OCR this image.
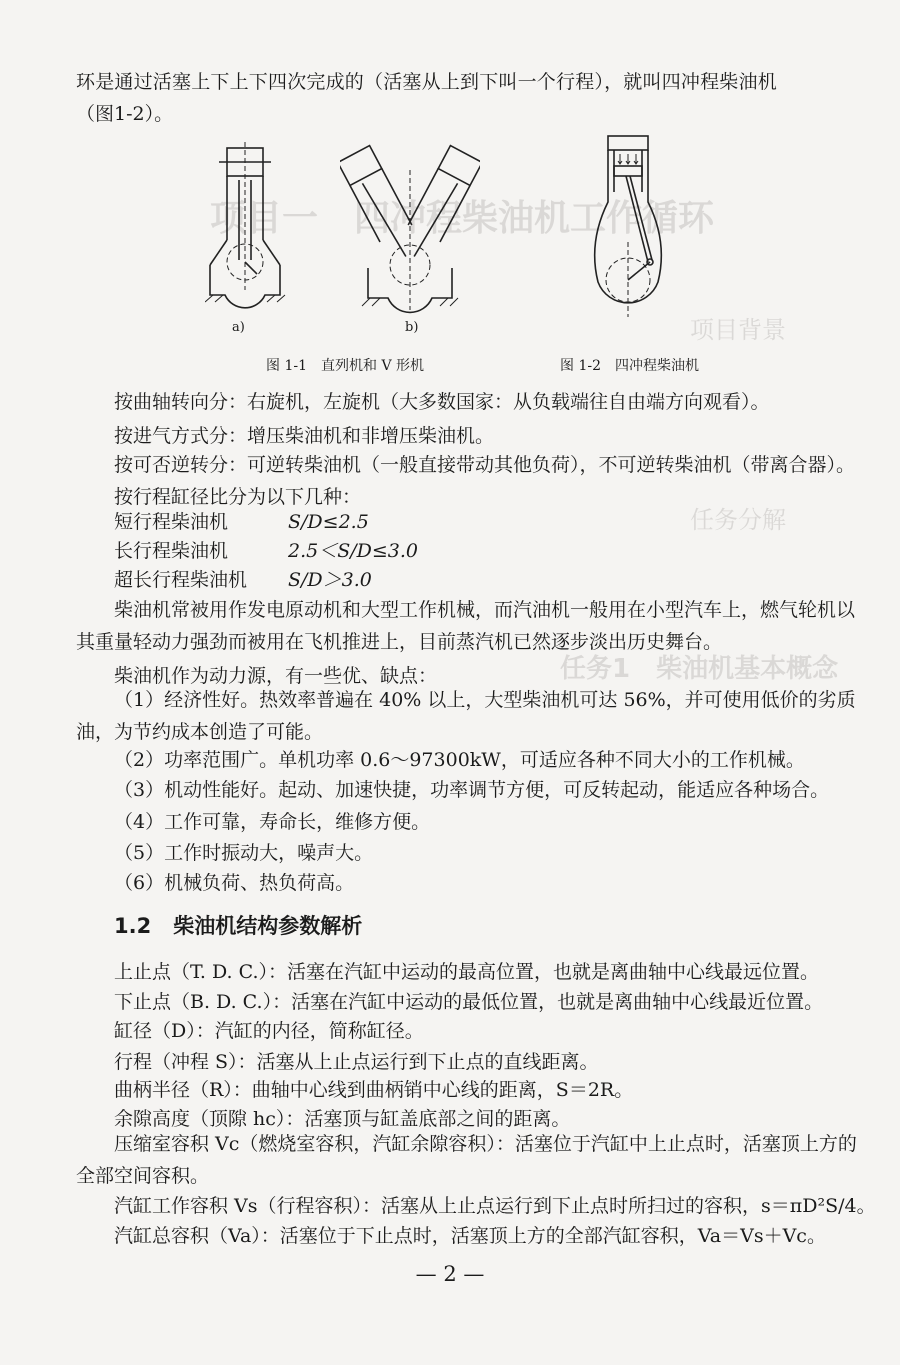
项目一　四冲程柴油机工作循环
项目背景
任务分解
任务1　柴油机基本概念

环是通过活塞上下上下四次完成的（活塞从上到下叫一个行程），就叫四冲程柴油机

（图1-2）。

a)	b)
图 1-1　直列机和 V 形机	图 1-2　四冲程柴油机
按曲轴转向分：右旋机，左旋机（大多数国家：从负载端往自由端方向观看）。
按进气方式分：增压柴油机和非增压柴油机。
按可否逆转分：可逆转柴油机（一般直接带动其他负荷），不可逆转柴油机（带离合器）。
按行程缸径比分为以下几种：
短行程柴油机	S/D≤2.5
长行程柴油机	2.5＜S/D≤3.0
超长行程柴油机 S/D＞3.0

柴油机常被用作发电原动机和大型工作机械，而汽油机一般用在小型汽车上，燃气轮机以其重量轻动力强劲而被用在飞机推进上，目前蒸汽机已然逐步淡出历史舞台。

柴油机作为动力源，有一些优、缺点：

（1）经济性好。热效率普遍在 40% 以上，大型柴油机可达 56%，并可使用低价的劣质油，为节约成本创造了可能。

（2）功率范围广。单机功率 0.6～97300kW，可适应各种不同大小的工作机械。
（3）机动性能好。起动、加速快捷，功率调节方便，可反转起动，能适应各种场合。
（4）工作可靠，寿命长，维修方便。
（5）工作时振动大，噪声大。
（6）机械负荷、热负荷高。
1.2 柴油机结构参数解析
上止点（T. D. C.）：活塞在汽缸中运动的最高位置，也就是离曲轴中心线最远位置。
下止点（B. D. C.）：活塞在汽缸中运动的最低位置，也就是离曲轴中心线最近位置。
缸径（D）：汽缸的内径，简称缸径。
行程（冲程 S）：活塞从上止点运行到下止点的直线距离。
曲柄半径（R）：曲轴中心线到曲柄销中心线的距离，S＝2R。
余隙高度（顶隙 hc）：活塞顶与缸盖底部之间的距离。

压缩室容积 Vc（燃烧室容积，汽缸余隙容积）：活塞位于汽缸中上止点时，活塞顶上方的全部空间容积。

汽缸工作容积 Vs（行程容积）：活塞从上止点运行到下止点时所扫过的容积，s＝πD²S/4。
汽缸总容积（Va）：活塞位于下止点时，活塞顶上方的全部汽缸容积，Va＝Vs＋Vc。
— 2 —
